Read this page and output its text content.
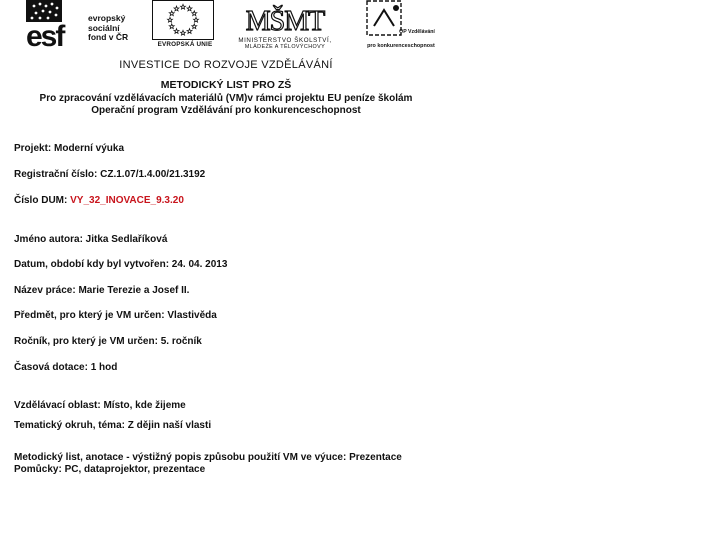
esf
evropský
sociální
fond v ČR
EVROPSKÁ UNIE
MŠMT
MINISTERSTVO ŠKOLSTVÍ,
MLÁDEŽE A TĚLOVÝCHOVY
OP Vzdělávání
pro konkurenceschopnost
INVESTICE DO ROZVOJE VZDĚLÁVÁNÍ
METODICKÝ LIST PRO ZŠ
Pro zpracování vzdělávacích materiálů (VM)v rámci projektu EU peníze školám
Operační program Vzdělávání pro konkurenceschopnost
Projekt: Moderní výuka
Registrační číslo: CZ.1.07/1.4.00/21.3192
Číslo DUM: VY_32_INOVACE_9.3.20
Jméno autora: Jitka Sedlaříková
Datum, období kdy byl vytvořen: 24. 04. 2013
Název práce: Marie Terezie a Josef II.
Předmět, pro který je VM určen: Vlastivěda
Ročník, pro který je VM určen: 5. ročník
Časová dotace: 1 hod
Vzdělávací oblast: Místo, kde žijeme
Tematický okruh, téma: Z dějin naší vlasti
Metodický list, anotace - výstižný popis způsobu použití VM ve výuce: Prezentace
Pomůcky: PC, dataprojektor, prezentace
